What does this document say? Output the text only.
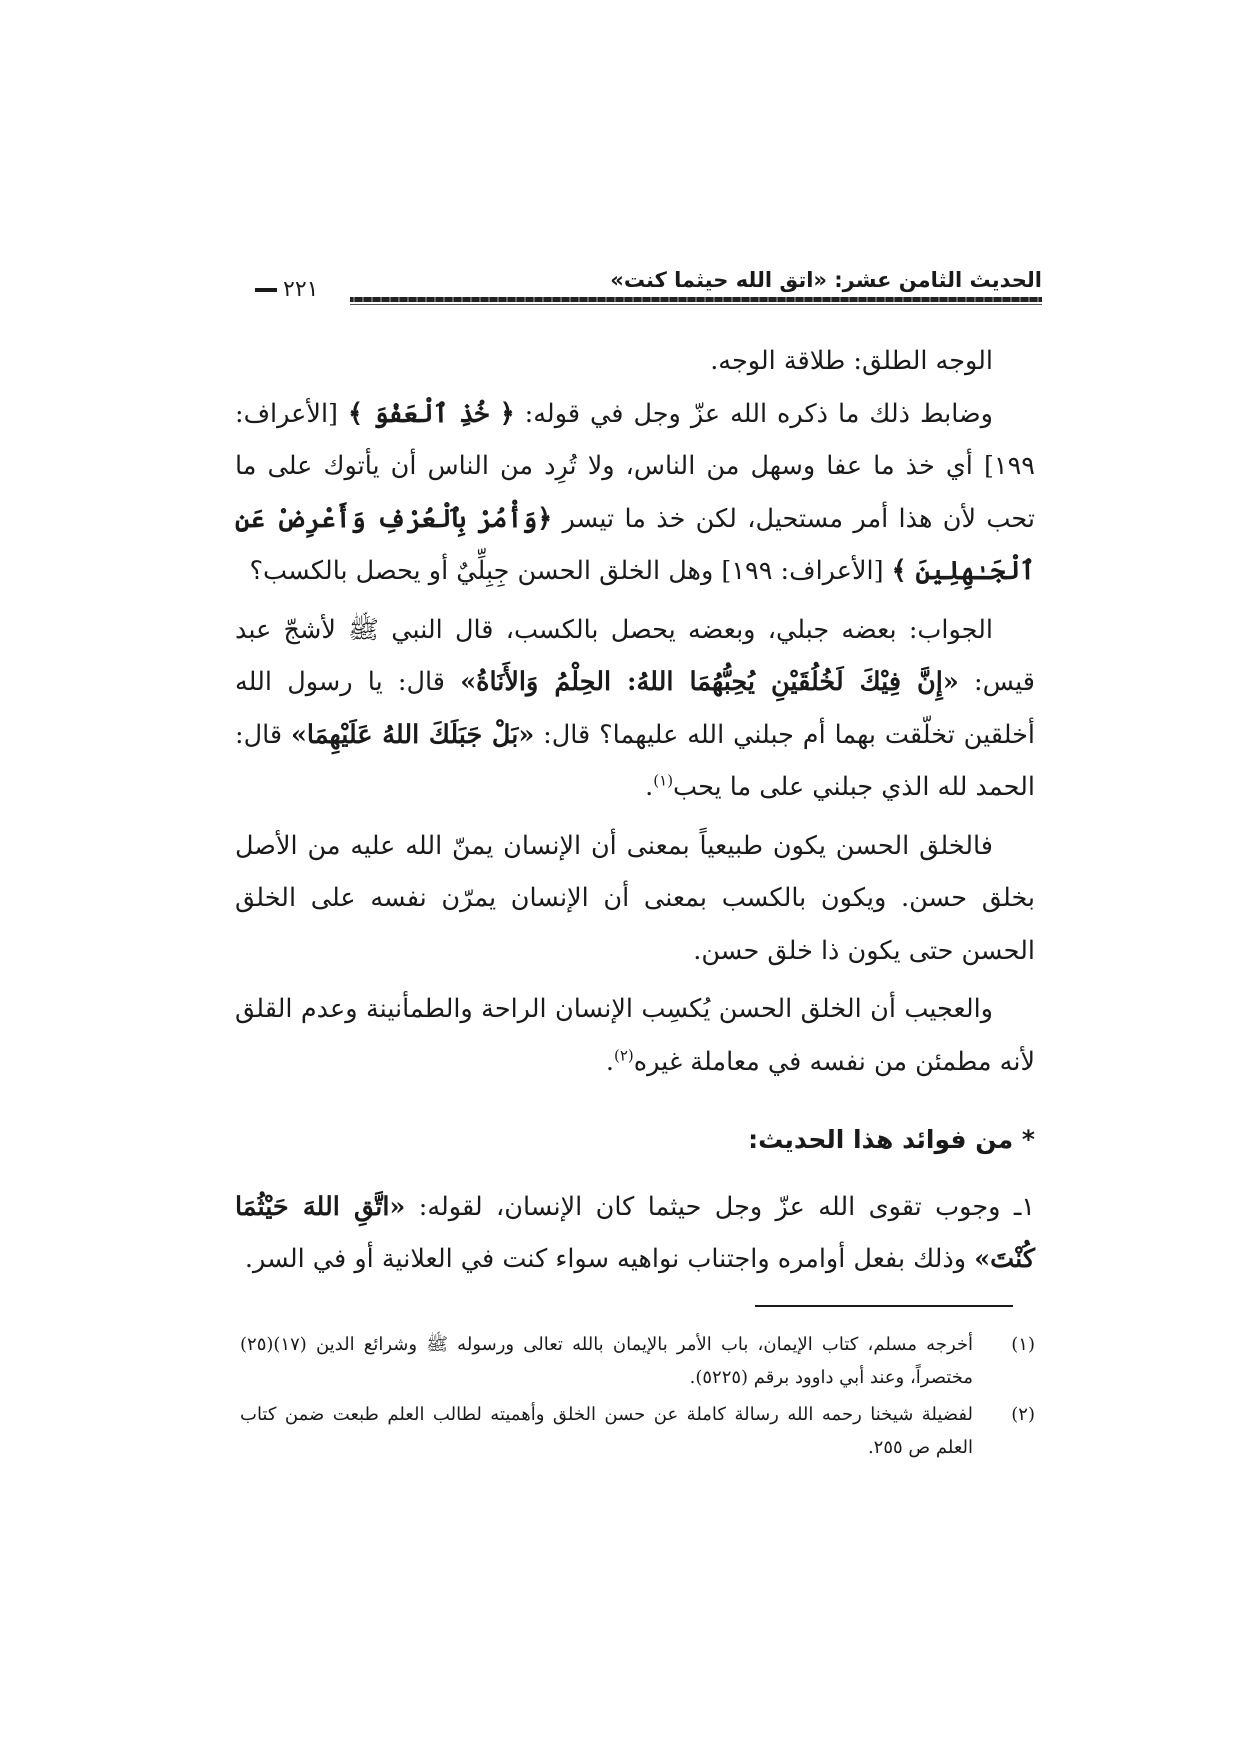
الحديث الثامن عشر: «اتق الله حيثما كنت»
٢٢١

الوجه الطلق: طلاقة الوجه.

وضابط ذلك ما ذكره الله عزّ وجل في قوله: ﴿ خُذِ ٱلْعَفْوَ ﴾ [الأعراف: ١٩٩] أي خذ ما عفا وسهل من الناس، ولا تُرِد من الناس أن يأتوك على ما تحب لأن هذا أمر مستحيل، لكن خذ ما تيسر ﴿وَأْمُرْ بِٱلْعُرْفِ وَأَعْرِضْ عَنِ ٱلْجَـٰهِلِينَ ﴾ [الأعراف: ١٩٩] وهل الخلق الحسن جِبِلِّيٌ أو يحصل بالكسب؟

الجواب: بعضه جبلي، وبعضه يحصل بالكسب، قال النبي ﷺ لأشجّ عبد قيس: «إِنَّ فِيْكَ لَخُلُقَيْنِ يُحِبُّهُمَا اللهُ: الحِلْمُ وَالأَنَاةُ» قال: يا رسول الله أخلقين تخلّقت بهما أم جبلني الله عليهما؟ قال: «بَلْ جَبَلَكَ اللهُ عَلَيْهِمَا» قال: الحمد لله الذي جبلني على ما يحب$^{(١)}$.

فالخلق الحسن يكون طبيعياً بمعنى أن الإنسان يمنّ الله عليه من الأصل بخلق حسن. ويكون بالكسب بمعنى أن الإنسان يمرّن نفسه على الخلق الحسن حتى يكون ذا خلق حسن.

والعجيب أن الخلق الحسن يُكسِب الإنسان الراحة والطمأنينة وعدم القلق لأنه مطمئن من نفسه في معاملة غيره$^{(٢)}$.

* من فوائد هذا الحديث:

١ـ وجوب تقوى الله عزّ وجل حيثما كان الإنسان، لقوله: «اتَّقِ اللهَ حَيْثُمَا كُنْتَ» وذلك بفعل أوامره واجتناب نواهيه سواء كنت في العلانية أو في السر.

(١)
أخرجه مسلم، كتاب الإيمان، باب الأمر بالإيمان بالله تعالى ورسوله ﷺ وشرائع الدين (١٧)(٢٥) مختصراً، وعند أبي داوود برقم (٥٢٢٥).
(٢)
لفضيلة شيخنا رحمه الله رسالة كاملة عن حسن الخلق وأهميته لطالب العلم طبعت ضمن كتاب العلم ص ٢٥٥.
